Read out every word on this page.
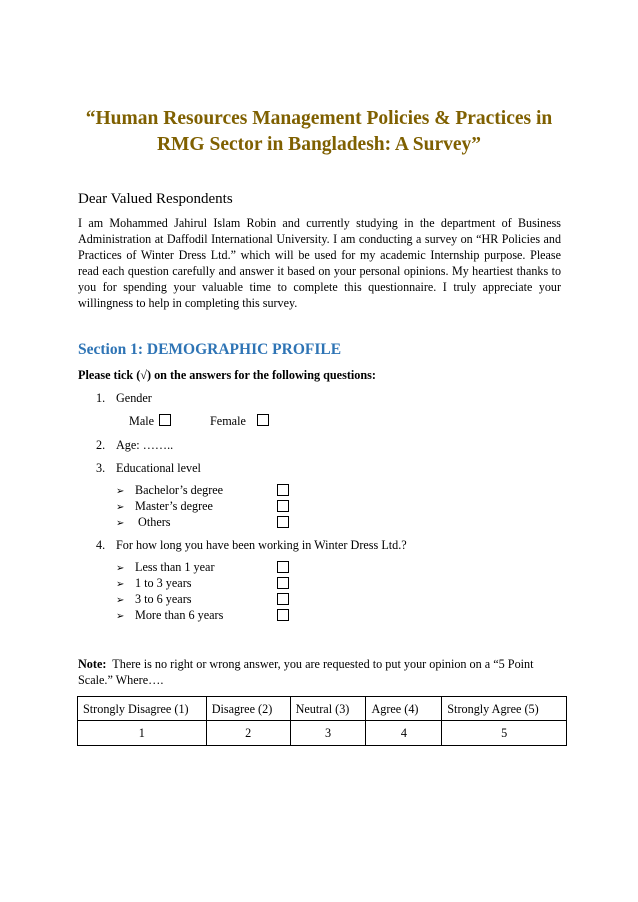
“Human Resources Management Policies & Practices in
RMG Sector in Bangladesh: A Survey”
Dear Valued Respondents

I am Mohammed Jahirul Islam Robin and currently studying in the department of Business Administration at Daffodil International University. I am conducting a survey on “HR Policies and Practices of Winter Dress Ltd.” which will be used for my academic Internship purpose. Please read each question carefully and answer it based on your personal opinions. My heartiest thanks to you for spending your valuable time to complete this questionnaire. I truly appreciate your willingness to help in completing this survey.

Section 1: DEMOGRAPHIC PROFILE
Please tick (√) on the answers for the following questions:
1. Gender
Male	Female
2. Age: ……..
3. Educational level
➢ Bachelor’s degree
➢ Master’s degree
➢ Others
4. For how long you have been working in Winter Dress Ltd.?
➢ Less than 1 year
➢ 1 to 3 years
➢ 3 to 6 years
➢ More than 6 years

Note:  There is no right or wrong answer, you are requested to put your opinion on a “5 Point Scale.” Where….

Strongly Disagree (1)	Disagree (2)	Neutral (3)	Agree (4)	Strongly Agree (5)
1	2	3	4	5
